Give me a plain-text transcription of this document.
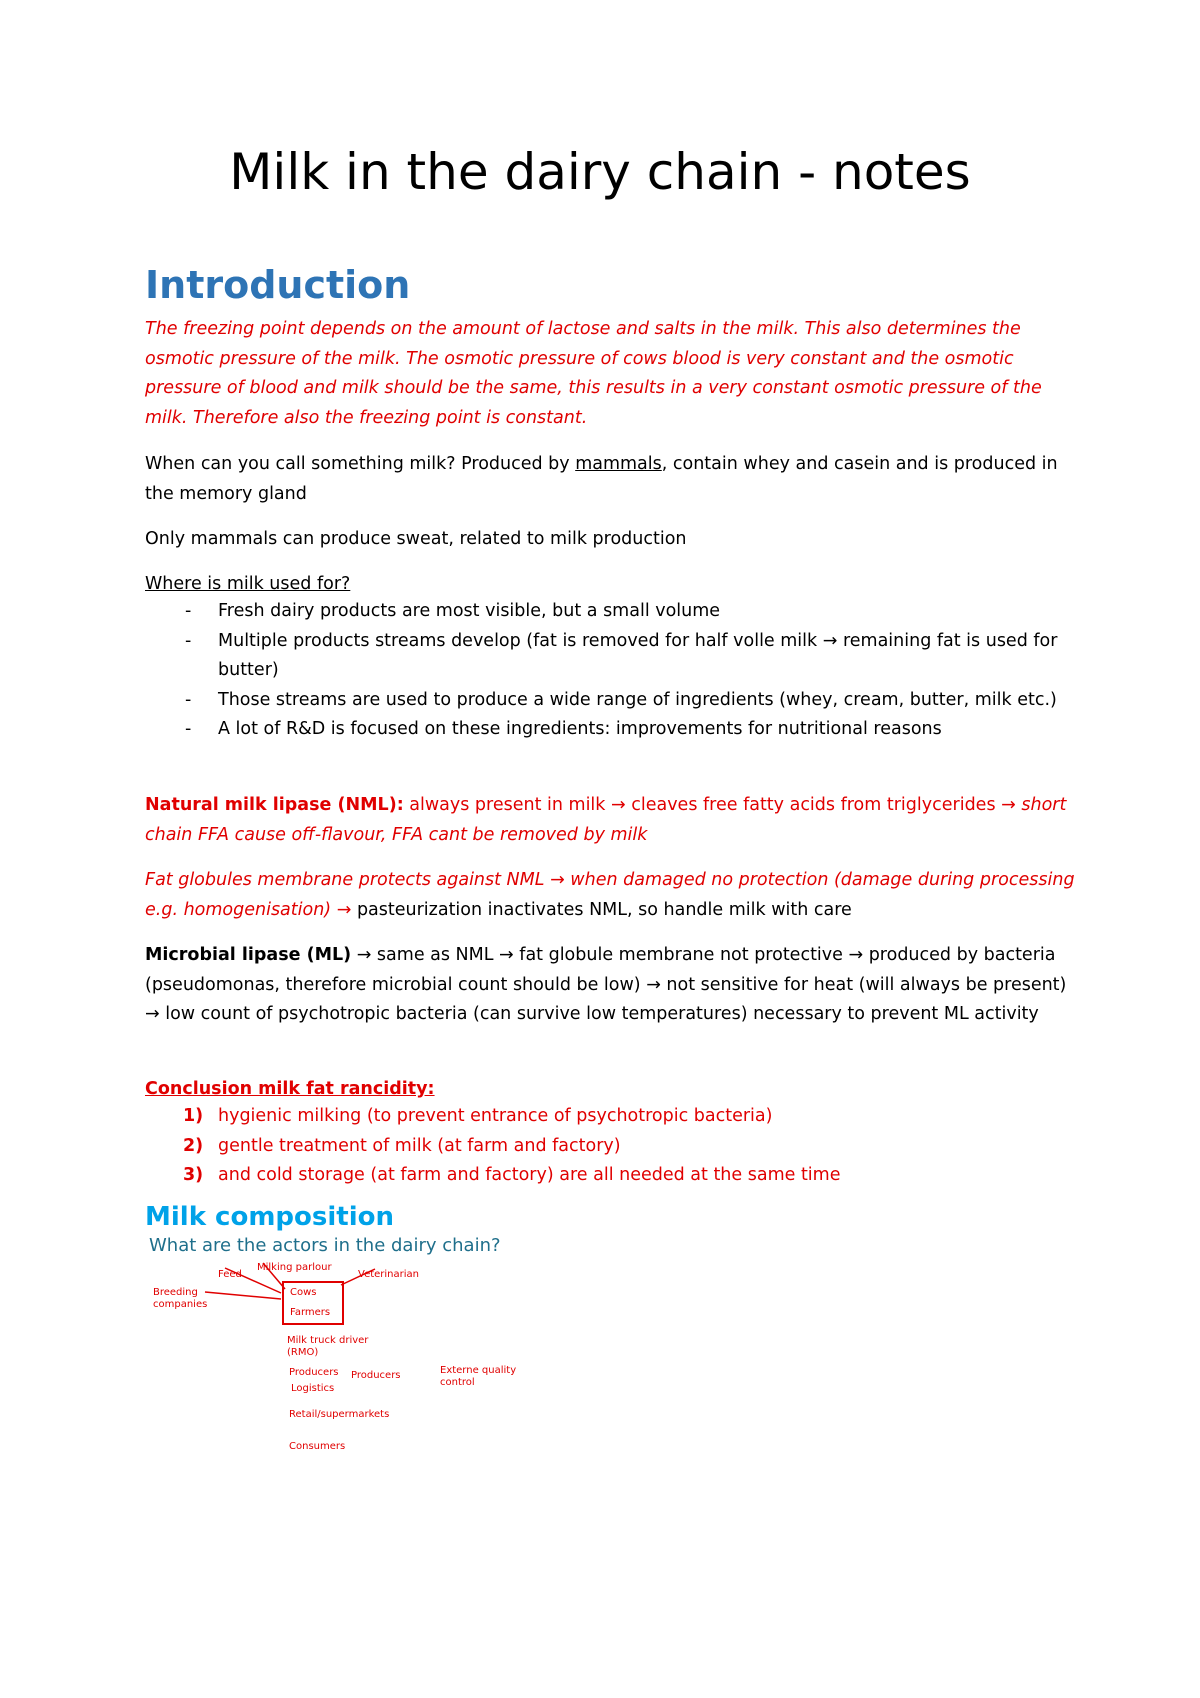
Milk in the dairy chain - notes
Introduction
The freezing point depends on the amount of lactose and salts in the milk. This also determines the osmotic pressure of the milk. The osmotic pressure of cows blood is very constant and the osmotic pressure of blood and milk should be the same, this results in a very constant osmotic pressure of the milk. Therefore also the freezing point is constant.
When can you call something milk? Produced by mammals, contain whey and casein and is produced in the memory gland
Only mammals can produce sweat, related to milk production
Where is milk used for?
- Fresh dairy products are most visible, but a small volume
- Multiple products streams develop (fat is removed for half volle milk → remaining fat is used for butter)
- Those streams are used to produce a wide range of ingredients (whey, cream, butter, milk etc.)
- A lot of R&D is focused on these ingredients: improvements for nutritional reasons
Natural milk lipase (NML): always present in milk → cleaves free fatty acids from triglycerides → short chain FFA cause off-flavour, FFA cant be removed by milk
Fat globules membrane protects against NML → when damaged no protection (damage during processing e.g. homogenisation) → pasteurization inactivates NML, so handle milk with care
Microbial lipase (ML) → same as NML → fat globule membrane not protective → produced by bacteria (pseudomonas, therefore microbial count should be low) → not sensitive for heat (will always be present) → low count of psychotropic bacteria (can survive low temperatures) necessary to prevent ML activity
Conclusion milk fat rancidity:
1) hygienic milking (to prevent entrance of psychotropic bacteria)
2) gentle treatment of milk (at farm and factory)
3) and cold storage (at farm and factory) are all needed at the same time
Milk composition
What are the actors in the dairy chain?
Feed
Milking parlour
Veterinarian
Breeding
companies
Cows
Farmers
Milk truck driver
(RMO)
Producers Producers
Logistics
Externe quality
control
Retail/supermarkets
Consumers
